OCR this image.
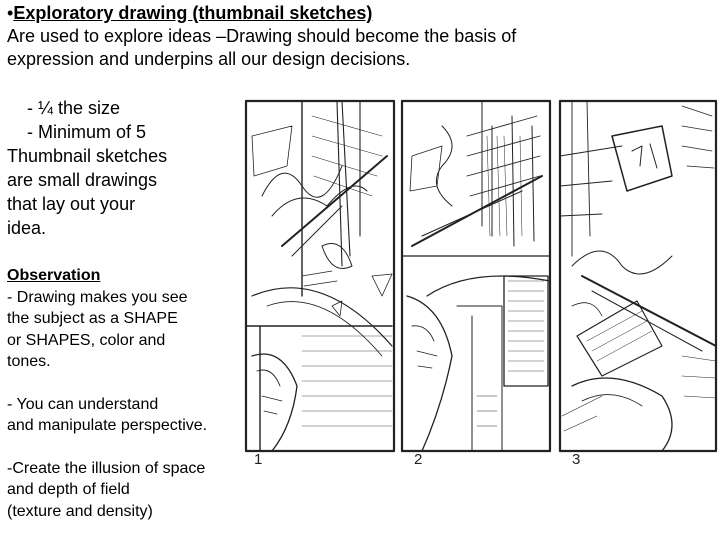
•Exploratory drawing (thumbnail sketches)
Are used to explore ideas –Drawing should become the basis of
expression and underpins all our design decisions.
- ¼ the size
- Minimum of 5
Thumbnail sketches
are small drawings
that lay out your
idea.
Observation
- Drawing makes you see
the subject as a SHAPE
or SHAPES, color and
tones.
- You can understand
and manipulate perspective.
-Create the illusion of space
and depth of field
(texture and density)
1	2	3
